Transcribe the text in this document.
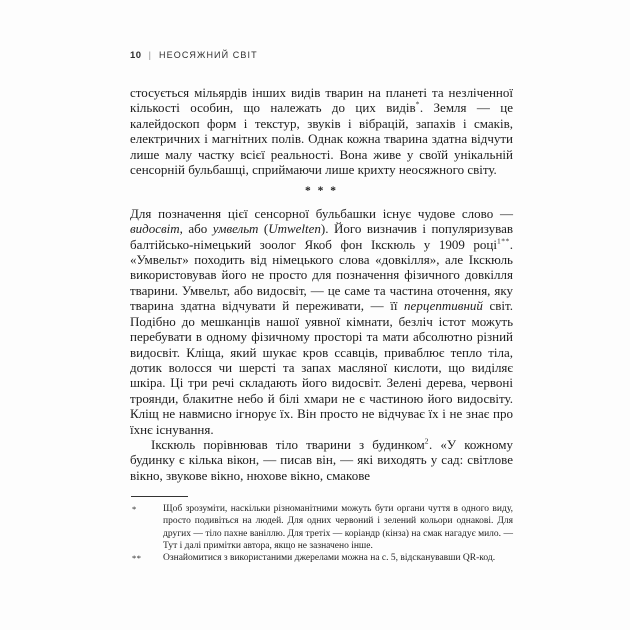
10 | НЕОСЯЖНИЙ СВІТ

стосується мільярдів інших видів тварин на планеті та незліченної кількості особин, що належать до цих видів*. Земля — це калейдоскоп форм і текстур, звуків і вібрацій, запахів і смаків, електричних і магнітних полів. Однак кожна тварина здатна відчути лише малу частку всієї реальності. Вона живе у своїй унікальній сенсорній бульбашці, сприймаючи лише крихту неосяжного світу.

* * *

Для позначення цієї сенсорної бульбашки існує чудове слово — видосвіт, або умвельт (Umwelten). Його визначив і популяризував балтійсько-німецький зоолог Якоб фон Ікскюль у 1909 році$^{1**}$. «Умвельт» походить від німецького слова «довкілля», але Ікскюль використовував його не просто для позначення фізичного довкілля тварини. Умвельт, або видосвіт, — це саме та частина оточення, яку тварина здатна відчувати й переживати, — її перцептивний світ. Подібно до мешканців нашої уявної кімнати, безліч істот можуть перебувати в одному фізичному просторі та мати абсолютно різний видосвіт. Кліща, який шукає кров ссавців, приваблює тепло тіла, дотик волосся чи шерсті та запах масляної кислоти, що виділяє шкіра. Ці три речі складають його видосвіт. Зелені дерева, червоні троянди, блакитне небо й білі хмари не є частиною його видосвіту. Кліщ не навмисно ігнорує їх. Він просто не відчуває їх і не знає про їхнє існування.

Ікскюль порівнював тіло тварини з будинком$^2$. «У кожному будинку є кілька вікон, — писав він, — які виходять у сад: світлове вікно, звукове вікно, нюхове вікно, смакове

*	Щоб зрозуміти, наскільки різноманітними можуть бути органи чуття в одного виду, просто подивіться на людей. Для одних червоний і зелений кольори однакові. Для других — тіло пахне ваніллю. Для третіх — коріандр (кінза) на смак нагадує мило. — Тут і далі примітки автора, якщо не зазначено інше.
**	Ознайомитися з використаними джерелами можна на с. 5, відсканувавши QR-код.
